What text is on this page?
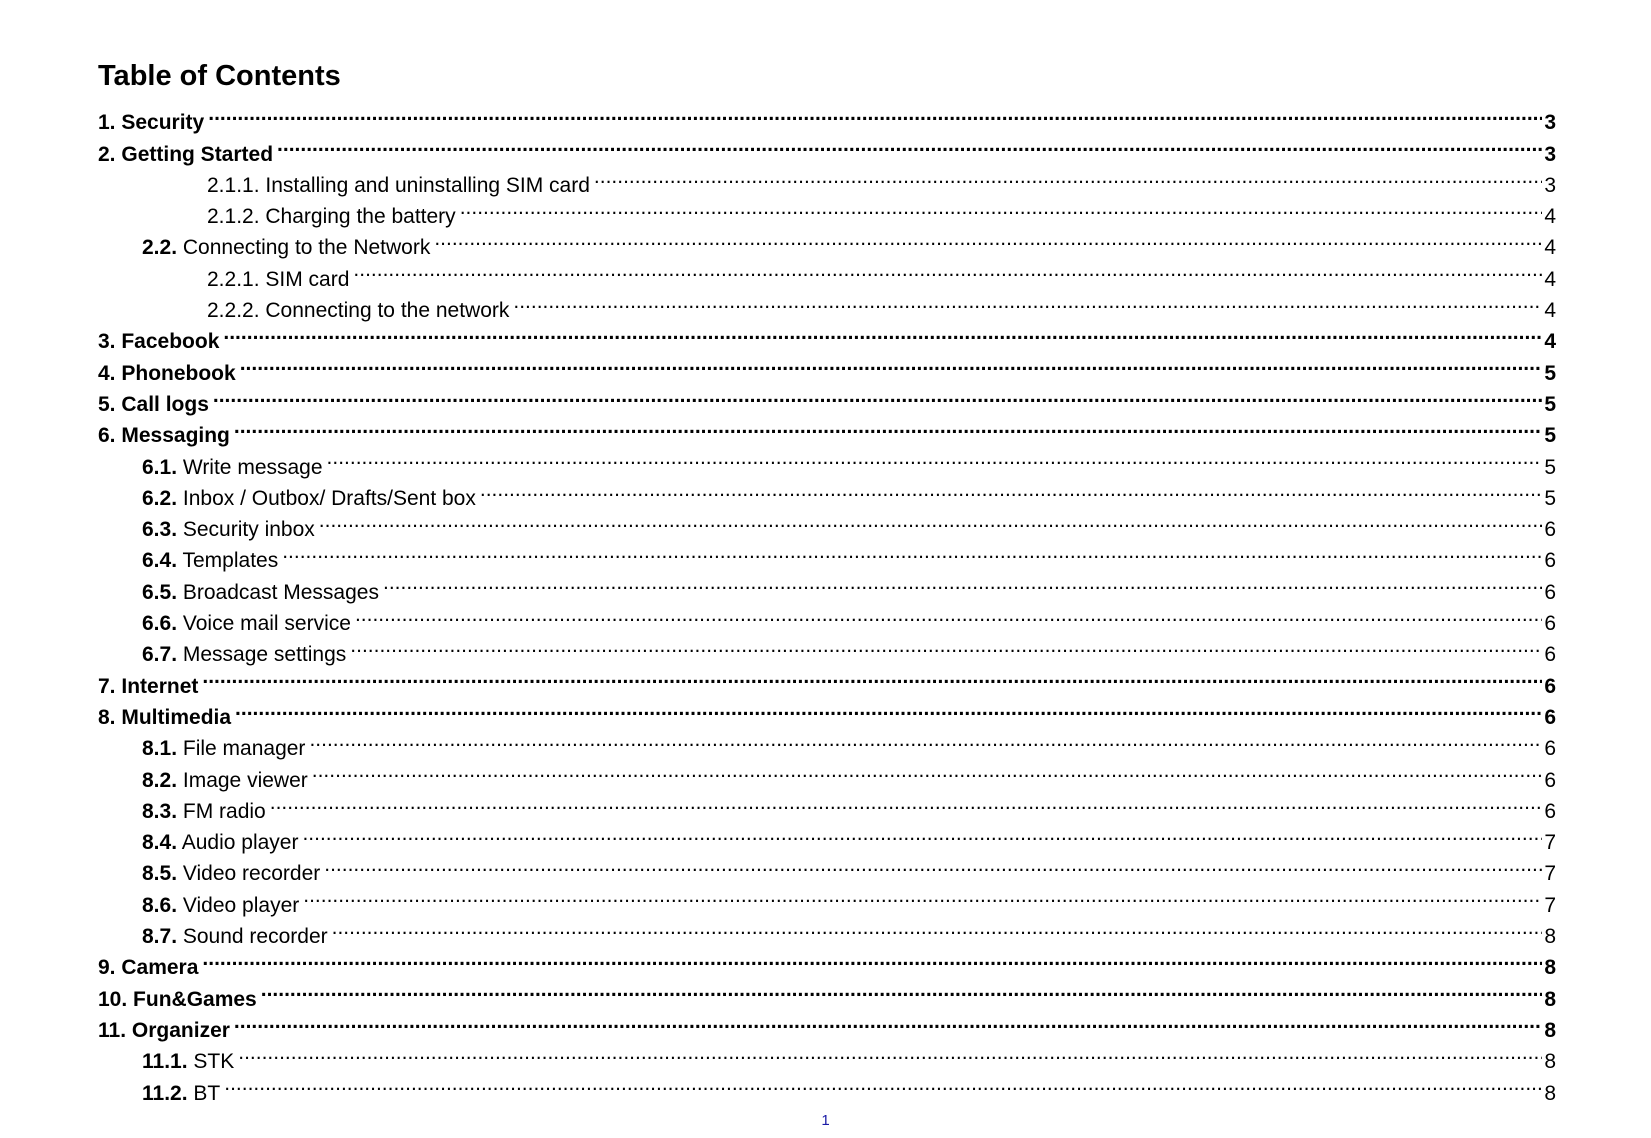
Table of Contents
1. Security .....	3
2. Getting Started .....	3
2.1.1. Installing and uninstalling SIM card .....	3
2.1.2. Charging the battery .....	4
2.2. Connecting to the Network .....	4
2.2.1. SIM card .....	4
2.2.2. Connecting to the network .....	4
3. Facebook .....	4
4. Phonebook .....	5
5. Call logs .....	5
6. Messaging .....	5
6.1. Write message .....	5
6.2. Inbox / Outbox/ Drafts/Sent box .....	5
6.3. Security inbox .....	6
6.4. Templates .....	6
6.5. Broadcast Messages .....	6
6.6. Voice mail service .....	6
6.7. Message settings .....	6
7. Internet .....	6
8. Multimedia .....	6
8.1. File manager .....	6
8.2. Image viewer .....	6
8.3. FM radio .....	6
8.4. Audio player .....	7
8.5. Video recorder .....	7
8.6. Video player .....	7
8.7. Sound recorder .....	8
9. Camera .....	8
10. Fun&Games .....	8
11. Organizer .....	8
11.1. STK .....	8
11.2. BT .....	8
1
